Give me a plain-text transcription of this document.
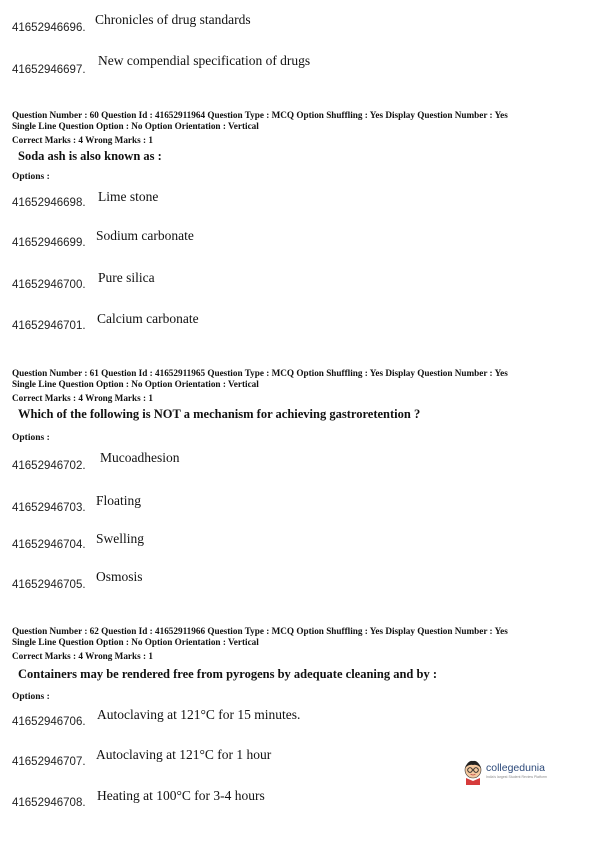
41652946696.
Chronicles of drug standards
41652946697.
New compendial specification of drugs
Question Number : 60 Question Id : 41652911964 Question Type : MCQ Option Shuffling : Yes Display Question Number : Yes
Single Line Question Option : No Option Orientation : Vertical
Correct Marks : 4 Wrong Marks : 1
Soda ash is also known as :
Options :
41652946698. Lime stone
41652946699. Sodium carbonate
41652946700. Pure silica
41652946701. Calcium carbonate
Question Number : 61 Question Id : 41652911965 Question Type : MCQ Option Shuffling : Yes Display Question Number : Yes
Single Line Question Option : No Option Orientation : Vertical
Correct Marks : 4 Wrong Marks : 1
Which of the following is NOT a mechanism for achieving gastroretention ?
Options :
41652946702.
Mucoadhesion
41652946703. Floating
41652946704. Swelling
41652946705.
Osmosis
Question Number : 62 Question Id : 41652911966 Question Type : MCQ Option Shuffling : Yes Display Question Number : Yes
Single Line Question Option : No Option Orientation : Vertical
Correct Marks : 4 Wrong Marks : 1
Containers may be rendered free from pyrogens by adequate cleaning and by :
Options :
41652946706. Autoclaving at 121°C for 15 minutes.
41652946707. Autoclaving at 121°C for 1 hour
41652946708. Heating at 100°C for 3-4 hours
collegedunia
India's largest Student Review Platform
